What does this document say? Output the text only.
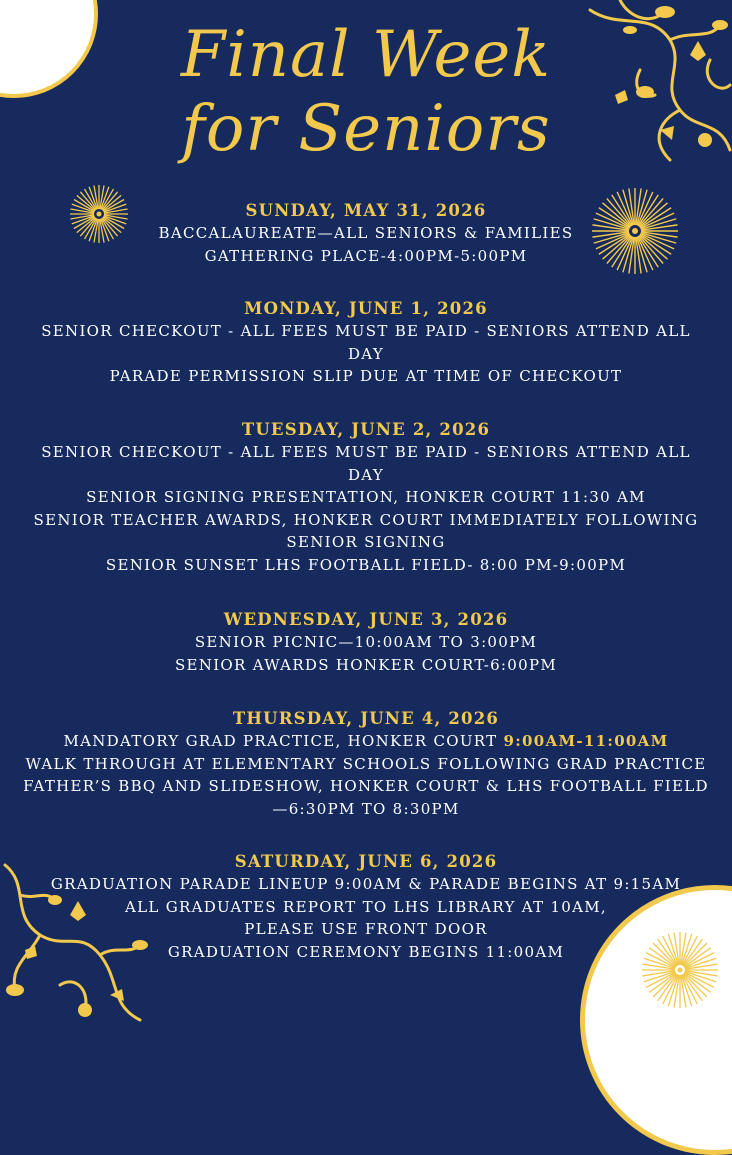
Final Week
for Seniors
SUNDAY, MAY 31, 2026
BACCALAUREATE—ALL SENIORS & FAMILIES
GATHERING PLACE-4:00PM-5:00PM
MONDAY, JUNE 1, 2026
SENIOR CHECKOUT - ALL FEES MUST BE PAID - SENIORS ATTEND ALL
DAY
PARADE PERMISSION SLIP DUE AT TIME OF CHECKOUT
TUESDAY, JUNE 2, 2026
SENIOR CHECKOUT - ALL FEES MUST BE PAID - SENIORS ATTEND ALL
DAY
SENIOR SIGNING PRESENTATION, HONKER COURT 11:30 AM
SENIOR TEACHER AWARDS, HONKER COURT IMMEDIATELY FOLLOWING
SENIOR SIGNING
SENIOR SUNSET LHS FOOTBALL FIELD- 8:00 PM-9:00PM
WEDNESDAY, JUNE 3, 2026
SENIOR PICNIC—10:00AM TO 3:00PM
SENIOR AWARDS HONKER COURT-6:00PM
THURSDAY, JUNE 4, 2026
MANDATORY GRAD PRACTICE, HONKER COURT 9:00AM-11:00AM
WALK THROUGH AT ELEMENTARY SCHOOLS FOLLOWING GRAD PRACTICE
FATHER’S BBQ AND SLIDESHOW, HONKER COURT & LHS FOOTBALL FIELD
—6:30PM TO 8:30PM
SATURDAY, JUNE 6, 2026
GRADUATION PARADE LINEUP 9:00AM & PARADE BEGINS AT 9:15AM
ALL GRADUATES REPORT TO LHS LIBRARY AT 10AM,
PLEASE USE FRONT DOOR
GRADUATION CEREMONY BEGINS 11:00AM
